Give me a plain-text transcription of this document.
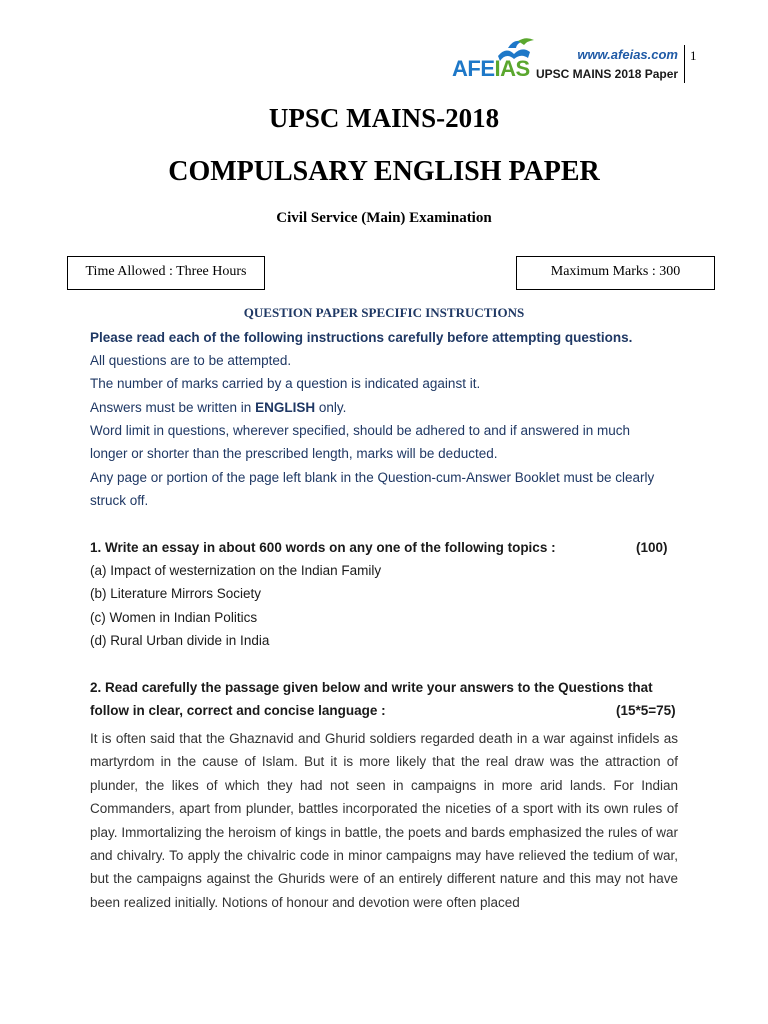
AFEIAS
www.afeias.com
UPSC MAINS 2018 Paper
1
UPSC MAINS-2018
COMPULSARY ENGLISH PAPER
Civil Service (Main) Examination
Time Allowed : Three Hours	Maximum Marks : 300
QUESTION PAPER SPECIFIC INSTRUCTIONS
Please read each of the following instructions carefully before attempting questions.
All questions are to be attempted.
The number of marks carried by a question is indicated against it.
Answers must be written in ENGLISH only.
Word limit in questions, wherever specified, should be adhered to and if answered in much
longer or shorter than the prescribed length, marks will be deducted.
Any page or portion of the page left blank in the Question-cum-Answer Booklet must be clearly
struck off.
1. Write an essay in about 600 words on any one of the following topics :	(100)
(a) Impact of westernization on the Indian Family
(b) Literature Mirrors Society
(c) Women in Indian Politics
(d) Rural Urban divide in India
2. Read carefully the passage given below and write your answers to the Questions that
follow in clear, correct and concise language :	(15*5=75)
It is often said that the Ghaznavid and Ghurid soldiers regarded death in a war against infidels as martyrdom in the cause of Islam. But it is more likely that the real draw was the attraction of plunder, the likes of which they had not seen in campaigns in more arid lands. For Indian Commanders, apart from plunder, battles incorporated the niceties of a sport with its own rules of play. Immortalizing the heroism of kings in battle, the poets and bards emphasized the rules of war and chivalry. To apply the chivalric code in minor campaigns may have relieved the tedium of war, but the campaigns against the Ghurids were of an entirely different nature and this may not have been realized initially. Notions of honour and devotion were often placed
